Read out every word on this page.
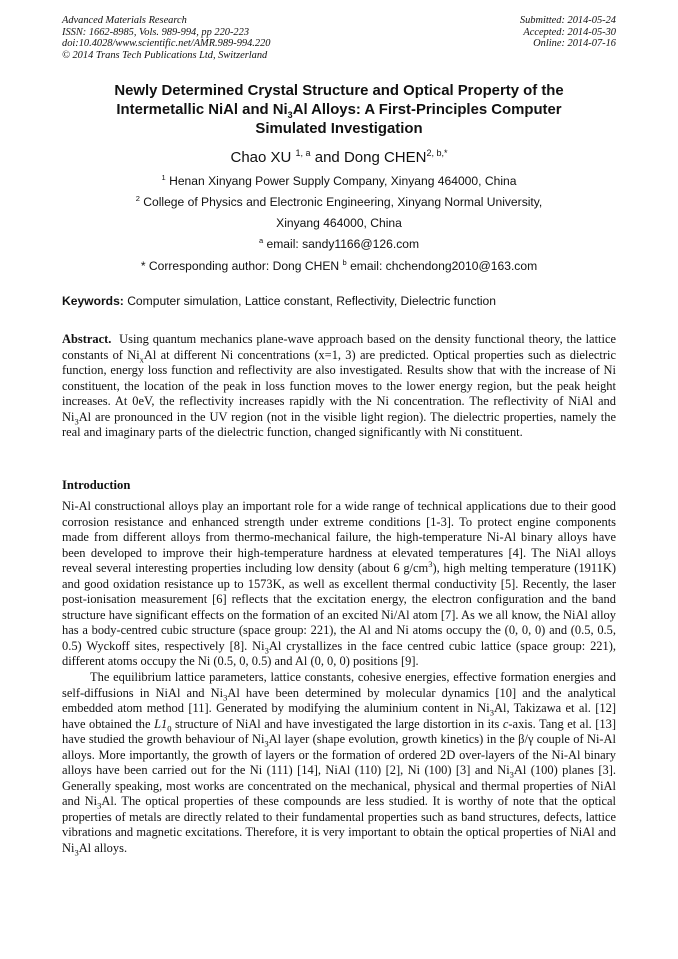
Advanced Materials Research
ISSN: 1662-8985, Vols. 989-994, pp 220-223
doi:10.4028/www.scientific.net/AMR.989-994.220
© 2014 Trans Tech Publications Ltd, Switzerland
Submitted: 2014-05-24
Accepted: 2014-05-30
Online: 2014-07-16
Newly Determined Crystal Structure and Optical Property of the
Intermetallic NiAl and $Ni_3Al$ Alloys: A First-Principles Computer
Simulated Investigation
Chao XU $^{1, a}$ and Dong $CHEN^{2, b,*}$
$^1$ Henan Xinyang Power Supply Company, Xinyang 464000, China
$^2$ College of Physics and Electronic Engineering, Xinyang Normal University,
Xinyang 464000, China
$^a$ email: sandy1166@126.com
* Corresponding author: Dong CHEN $^b$ email: chchendong2010@163.com
Keywords: Computer simulation, Lattice constant, Reflectivity, Dielectric function
Abstract. Using quantum mechanics plane-wave approach based on the density functional theory, the lattice constants of $Ni_xAl$ at different Ni concentrations (x=1, 3) are predicted. Optical properties such as dielectric function, energy loss function and reflectivity are also investigated. Results show that with the increase of Ni constituent, the location of the peak in loss function moves to the lower energy region, but the peak height increases. At 0eV, the reflectivity increases rapidly with the Ni concentration. The reflectivity of NiAl and $Ni_3Al$ are pronounced in the UV region (not in the visible light region). The dielectric properties, namely the real and imaginary parts of the dielectric function, changed significantly with Ni constituent.
Introduction

Ni-Al constructional alloys play an important role for a wide range of technical applications due to their good corrosion resistance and enhanced strength under extreme conditions [1-3]. To protect engine components made from different alloys from thermo-mechanical failure, the high-temperature Ni-Al binary alloys have been developed to improve their high-temperature hardness at elevated temperatures [4]. The NiAl alloys reveal several interesting properties including low density (about 6 $g/cm^3$), high melting temperature (1911K) and good oxidation resistance up to 1573K, as well as excellent thermal conductivity [5]. Recently, the laser post-ionisation measurement [6] reflects that the excitation energy, the electron configuration and the band structure have significant effects on the formation of an excited Ni/Al atom [7]. As we all know, the NiAl alloy has a body-centred cubic structure (space group: 221), the Al and Ni atoms occupy the (0, 0, 0) and (0.5, 0.5, 0.5) Wyckoff sites, respectively [8]. $Ni_3Al$ crystallizes in the face centred cubic lattice (space group: 221), different atoms occupy the Ni (0.5, 0, 0.5) and Al (0, 0, 0) positions [9].

The equilibrium lattice parameters, lattice constants, cohesive energies, effective formation energies and self-diffusions in NiAl and $Ni_3Al$ have been determined by molecular dynamics [10] and the analytical embedded atom method [11]. Generated by modifying the aluminium content in $Ni_3Al$, Takizawa et al. [12] have obtained the $L1_0$ structure of NiAl and have investigated the large distortion in its c-axis. Tang et al. [13] have studied the growth behaviour of $Ni_3Al$ layer (shape evolution, growth kinetics) in the β/γ couple of Ni-Al alloys. More importantly, the growth of layers or the formation of ordered 2D over-layers of the Ni-Al binary alloys have been carried out for the Ni (111) [14], NiAl (110) [2], Ni (100) [3] and $Ni_3Al$ (100) planes [3]. Generally speaking, most works are concentrated on the mechanical, physical and thermal properties of NiAl and $Ni_3Al$. The optical properties of these compounds are less studied. It is worthy of note that the optical properties of metals are directly related to their fundamental properties such as band structures, defects, lattice vibrations and magnetic excitations. Therefore, it is very important to obtain the optical properties of NiAl and $Ni_3Al$ alloys.
